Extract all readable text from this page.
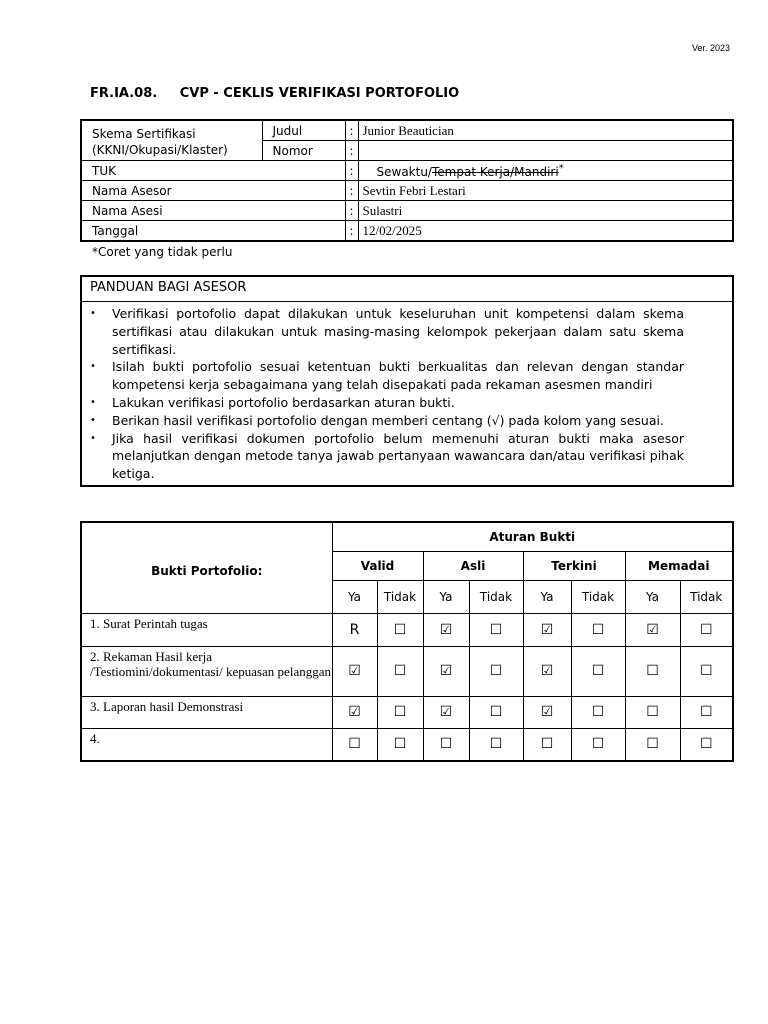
Ver. 2023
FR.IA.08. CVP - CEKLIS VERIFIKASI PORTOFOLIO
Skema Sertifikasi
(KKNI/Okupasi/Klaster)	Judul	:	Junior Beautician
	Nomor	:	
TUK		:	Sewaktu/Tempat Kerja/Mandiri*
Nama Asesor		:	Sevtin Febri Lestari
Nama Asesi		:	Sulastri
Tanggal		:	12/02/2025
*Coret yang tidak perlu
PANDUAN BAGI ASESOR
• Verifikasi portofolio dapat dilakukan untuk keseluruhan unit kompetensi dalam skema sertifikasi atau dilakukan untuk masing-masing kelompok pekerjaan dalam satu skema sertifikasi.
• Isilah bukti portofolio sesuai ketentuan bukti berkualitas dan relevan dengan standar kompetensi kerja sebagaimana yang telah disepakati pada rekaman asesmen mandiri
• Lakukan verifikasi portofolio berdasarkan aturan bukti.
• Berikan hasil verifikasi portofolio dengan memberi centang (√) pada kolom yang sesuai.
• Jika hasil verifikasi dokumen portofolio belum memenuhi aturan bukti maka asesor melanjutkan dengan metode tanya jawab pertanyaan wawancara dan/atau verifikasi pihak ketiga.
Bukti Portofolio:	Aturan Bukti							
	Valid		Asli		Terkini		Memadai	
	Ya	Tidak	Ya	Tidak	Ya	Tidak	Ya	Tidak
1. Surat Perintah tugas	R	☐	☑	☐	☑	☐	☑	☐
2. Rekaman Hasil kerja /Testiomini/dokumentasi/ kepuasan pelanggan	☑	☐	☑	☐	☑	☐	☐	☐
3. Laporan hasil Demonstrasi	☑	☐	☑	☐	☑	☐	☐	☐
4.	☐	☐	☐	☐	☐	☐	☐	☐
